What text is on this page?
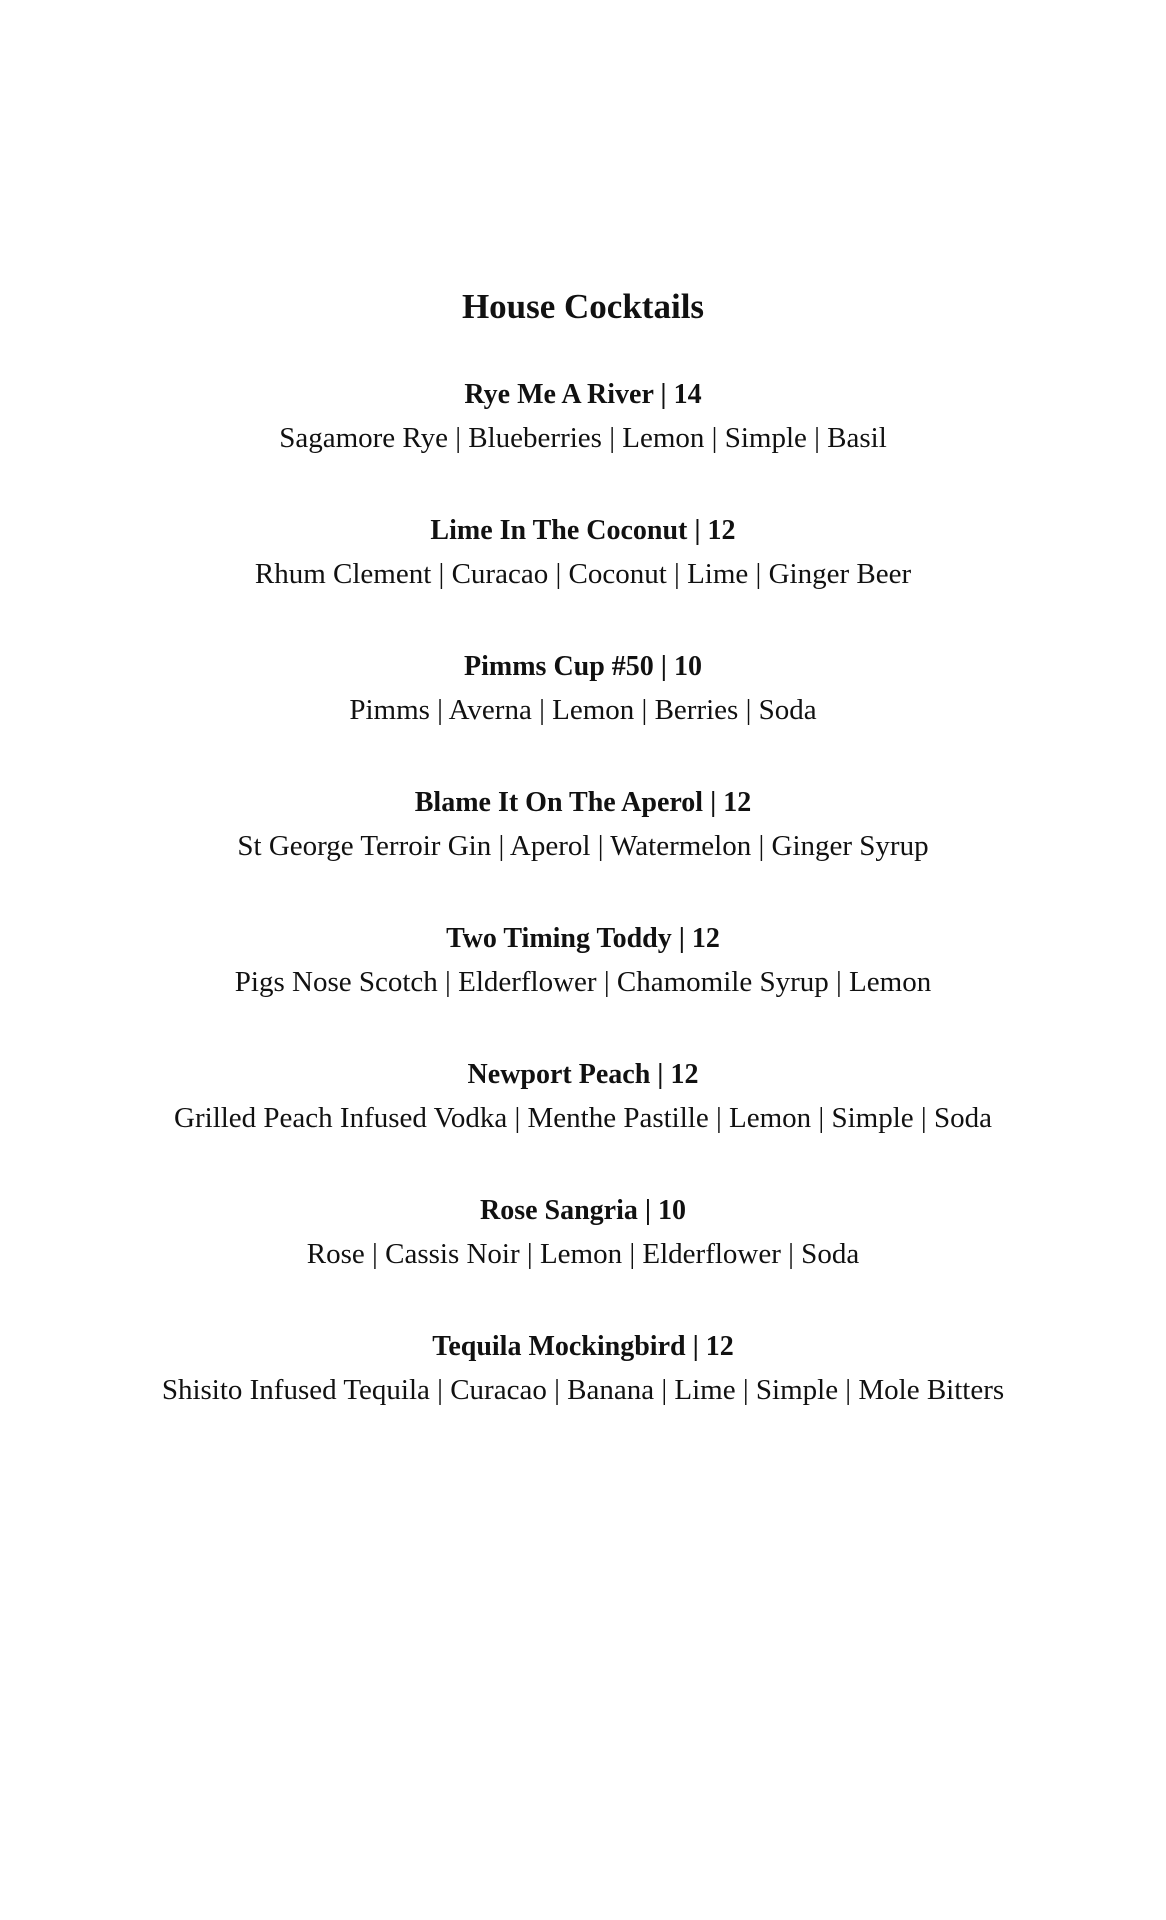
House Cocktails
Rye Me A River | 14
Sagamore Rye | Blueberries | Lemon | Simple | Basil
Lime In The Coconut | 12
Rhum Clement | Curacao | Coconut | Lime | Ginger Beer
Pimms Cup #50 | 10
Pimms | Averna | Lemon | Berries | Soda
Blame It On The Aperol | 12
St George Terroir Gin | Aperol | Watermelon | Ginger Syrup
Two Timing Toddy | 12
Pigs Nose Scotch | Elderflower | Chamomile Syrup | Lemon
Newport Peach | 12
Grilled Peach Infused Vodka | Menthe Pastille | Lemon | Simple | Soda
Rose Sangria | 10
Rose | Cassis Noir | Lemon | Elderflower | Soda
Tequila Mockingbird | 12
Shisito Infused Tequila | Curacao | Banana | Lime | Simple | Mole Bitters
